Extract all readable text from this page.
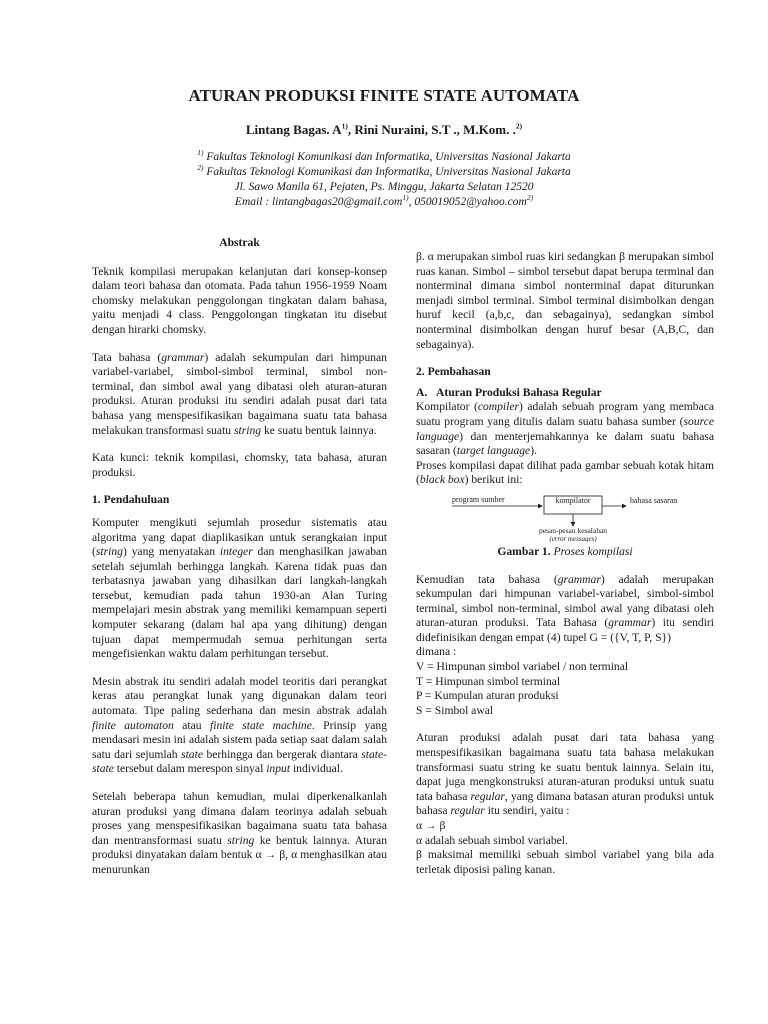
ATURAN PRODUKSI FINITE STATE AUTOMATA
Lintang Bagas. $A^{1)}$, Rini Nuraini, S.T ., M.Kom. .$^{2)}$
$^{1)}$ Fakultas Teknologi Komunikasi dan Informatika, Universitas Nasional Jakarta
$^{2)}$ Fakultas Teknologi Komunikasi dan Informatika, Universitas Nasional Jakarta
Jl. Sawo Manila 61, Pejaten, Ps. Minggu, Jakarta Selatan 12520
Email : lintangbagas20@gmail.com$^{1)}$, 050019052@yahoo.com$^{2)}$

Abstrak

Teknik kompilasi merupakan kelanjutan dari konsep-konsep dalam teori bahasa dan otomata. Pada tahun 1956-1959 Noam chomsky melakukan penggolongan tingkatan dalam bahasa, yaitu menjadi 4 class. Penggolongan tingkatan itu disebut dengan hirarki chomsky.

Tata bahasa (grammar) adalah sekumpulan dari himpunan variabel-variabel, simbol-simbol terminal, simbol non-terminal, dan simbol awal yang dibatasi oleh aturan-aturan produksi. Aturan produksi itu sendiri adalah pusat dari tata bahasa yang menspesifikasikan bagaimana suatu tata bahasa melakukan transformasi suatu string ke suatu bentuk lainnya.

Kata kunci: teknik kompilasi, chomsky, tata bahasa, aturan produksi.

1. Pendahuluan

Komputer mengikuti sejumlah prosedur sistematis atau algoritma yang dapat diaplikasikan untuk serangkaian input (string) yang menyatakan integer dan menghasilkan jawaban setelah sejumlah berhingga langkah. Karena tidak puas dan terbatasnya jawaban yang dihasilkan dari langkah-langkah tersebut, kemudian pada tahun 1930-an Alan Turing mempelajari mesin abstrak yang memiliki kemampuan seperti komputer sekarang (dalam hal apa yang dihitung) dengan tujuan dapat mempermudah semua perhitungan serta mengefisienkan waktu dalam perhitungan tersebut.

Mesin abstrak itu sendiri adalah model teoritis dari perangkat keras atau perangkat lunak yang digunakan dalam teori automata. Tipe paling sederhana dan mesin abstrak adalah finite automaton atau finite state machine. Prinsip yang mendasari mesin ini adalah sistem pada setiap saat dalam salah satu dari sejumlah state berhingga dan bergerak diantara state-state tersebut dalam merespon sinyal input individual.

Setelah beberapa tahun kemudian, mulai diperkenalkanlah aturan produksi yang dimana dalam teorinya adalah sebuah proses yang menspesifikasikan bagaimana suatu tata bahasa dan mentransformasi suatu string ke bentuk lainnya. Aturan produksi dinyatakan dalam bentuk α → β, α menghasilkan atau menurunkan

β. α merupakan simbol ruas kiri sedangkan β merupakan simbol ruas kanan. Simbol – simbol tersebut dapat berupa terminal dan nonterminal dimana simbol nonterminal dapat diturunkan menjadi simbol terminal. Simbol terminal disimbolkan dengan huruf kecil (a,b,c, dan sebagainya), sedangkan simbol nonterminal disimbolkan dengan huruf besar (A,B,C, dan sebagainya).

2. Pembahasan

A. Aturan Produksi Bahasa Regular

Kompilator (compiler) adalah sebuah program yang membaca suatu program yang ditulis dalam suatu bahasa sumber (source language) dan menterjemahkannya ke dalam suatu bahasa sasaran (target language).

Proses kompilasi dapat dilihat pada gambar sebuah kotak hitam (black box) berikut ini:

program sumber	kompilator	bahasa sasaran
pesan-pesan kesalahan
(error messages)

Gambar 1. Proses kompilasi

Kemudian tata bahasa (grammar) adalah merupakan sekumpulan dari himpunan variabel-variabel, simbol-simbol terminal, simbol non-terminal, simbol awal yang dibatasi oleh aturan-aturan produksi. Tata Bahasa (grammar) itu sendiri didefinisikan dengan empat (4) tupel G = ({V, T, P, S})

dimana :

V = Himpunan simbol variabel / non terminal

T = Himpunan simbol terminal

P = Kumpulan aturan produksi

S = Simbol awal

Aturan produksi adalah pusat dari tata bahasa yang menspesifikasikan bagaimana suatu tata bahasa melakukan transformasi suatu string ke suatu bentuk lainnya. Selain itu, dapat juga mengkonstruksi aturan-aturan produksi untuk suatu tata bahasa regular, yang dimana batasan aturan produksi untuk bahasa regular itu sendiri, yaitu :

α → β

α adalah sebuah simbol variabel.

β maksimal memiliki sebuah simbol variabel yang bila ada terletak diposisi paling kanan.
